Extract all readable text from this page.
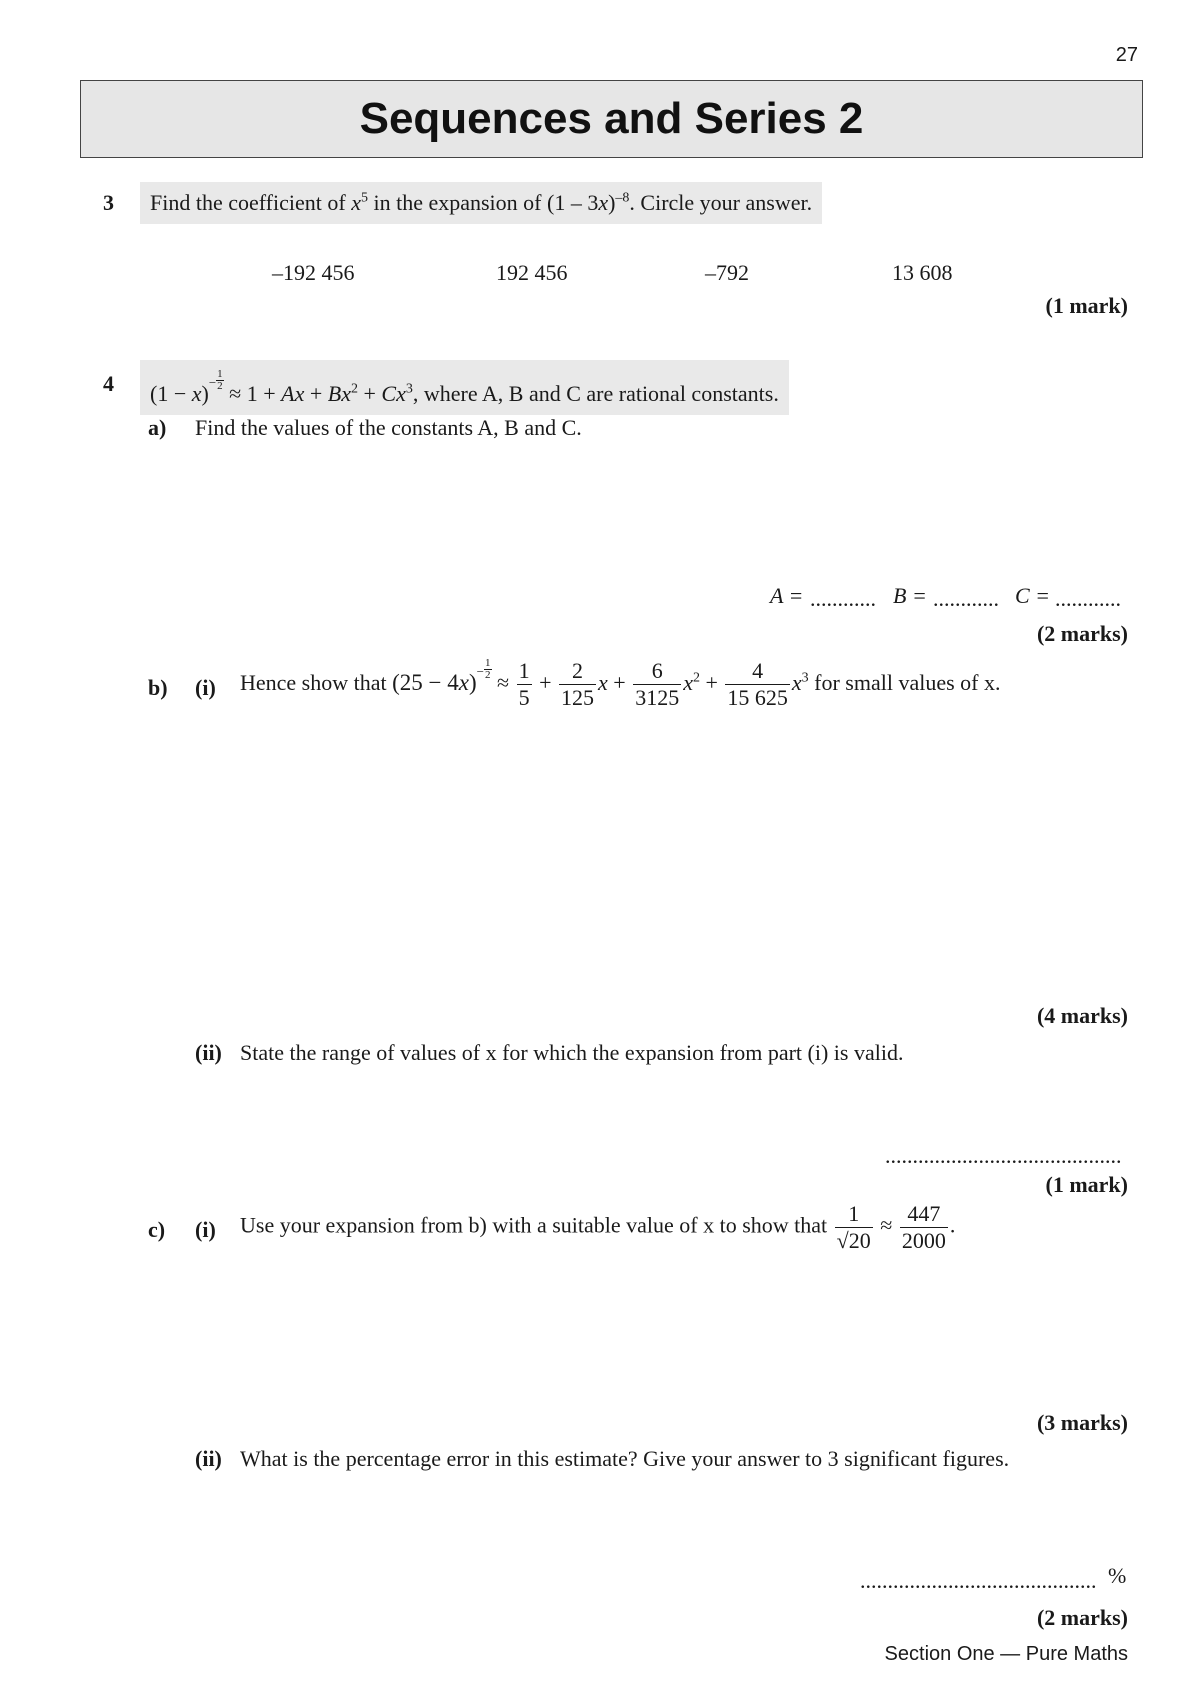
27
Sequences and Series 2
3	Find the coefficient of $x^5$ in the expansion of (1 – 3x)$^{-8}$. Circle your answer.
–192 456	192 456	–792	13 608
(1 mark)
4	$(1 - x)^- \frac{1}{2}$
≈ $1 + Ax + Bx^2 + Cx^3$, where A, B and C are rational constants.
a) Find the values of the constants A, B and C.
A = ............ B = ............ C = ............
(2 marks)
b) (i) Hence show that $(25 - 4x)^- \frac{1}{2}$
≈ $\frac{1}{5} + \frac{2}{125}$ $x + \frac{6}{3125} x^2 + \frac{4}{15 625} x^3$ for small values of x.
(4 marks)
(ii) State the range of values of x for which the expansion from part (i) is valid.
...........................................
(1 mark)
c) (i) Use your expansion from b) with a suitable value of x to show that $\frac{1}{√20} \approx \frac{447}{2000}$ .
(3 marks)
(ii) What is the percentage error in this estimate? Give your answer to 3 significant figures.
........................................... %
(2 marks)
Section One — Pure Maths
